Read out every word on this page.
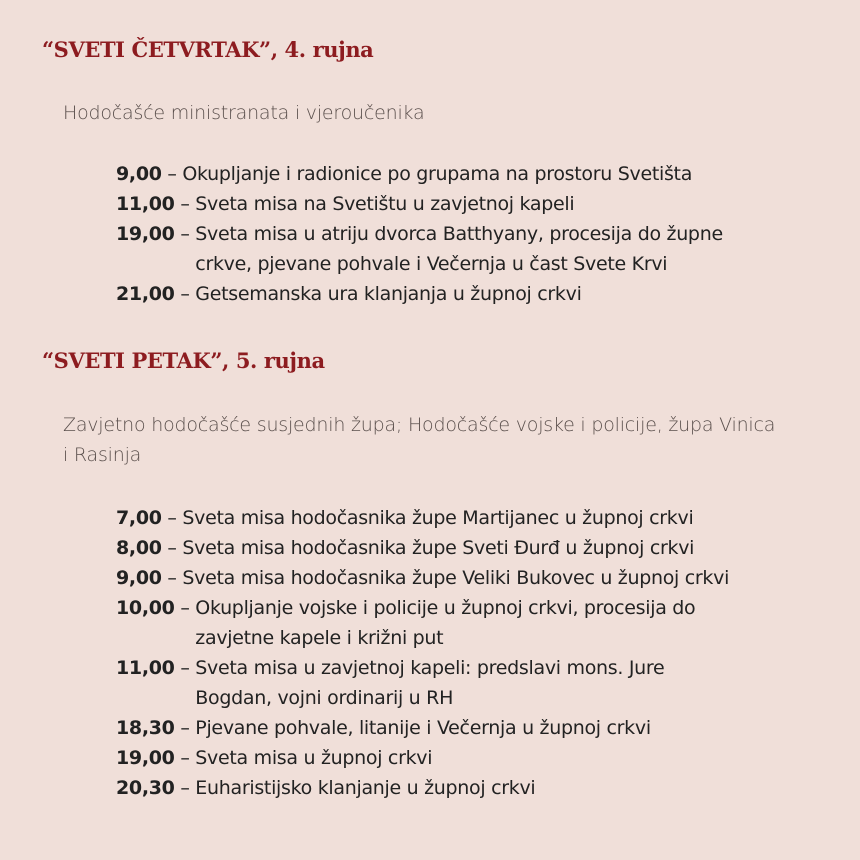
“SVETI ČETVRTAK”, 4. rujna

Hodočašće ministranata i vjeroučenika

9,00 – Okupljanje i radionice po grupama na prostoru Svetišta
11,00 – Sveta misa na Svetištu u zavjetnoj kapeli
19,00 – Sveta misa u atriju dvorca Batthyany, procesija do župne crkve, pjevane pohvale i Večernja u čast Svete Krvi
21,00 – Getsemanska ura klanjanja u župnoj crkvi
“SVETI PETAK”, 5. rujna

Zavjetno hodočašće susjednih župa; Hodočašće vojske i policije, župa Vinica i Rasinja

7,00 – Sveta misa hodočasnika župe Martijanec u župnoj crkvi
8,00 – Sveta misa hodočasnika župe Sveti Đurđ u župnoj crkvi
9,00 – Sveta misa hodočasnika župe Veliki Bukovec u župnoj crkvi
10,00 – Okupljanje vojske i policije u župnoj crkvi, procesija do zavjetne kapele i križni put
11,00 – Sveta misa u zavjetnoj kapeli: predslavi mons. Jure Bogdan, vojni ordinarij u RH
18,30 – Pjevane pohvale, litanije i Večernja u župnoj crkvi
19,00 – Sveta misa u župnoj crkvi
20,30 – Euharistijsko klanjanje u župnoj crkvi
